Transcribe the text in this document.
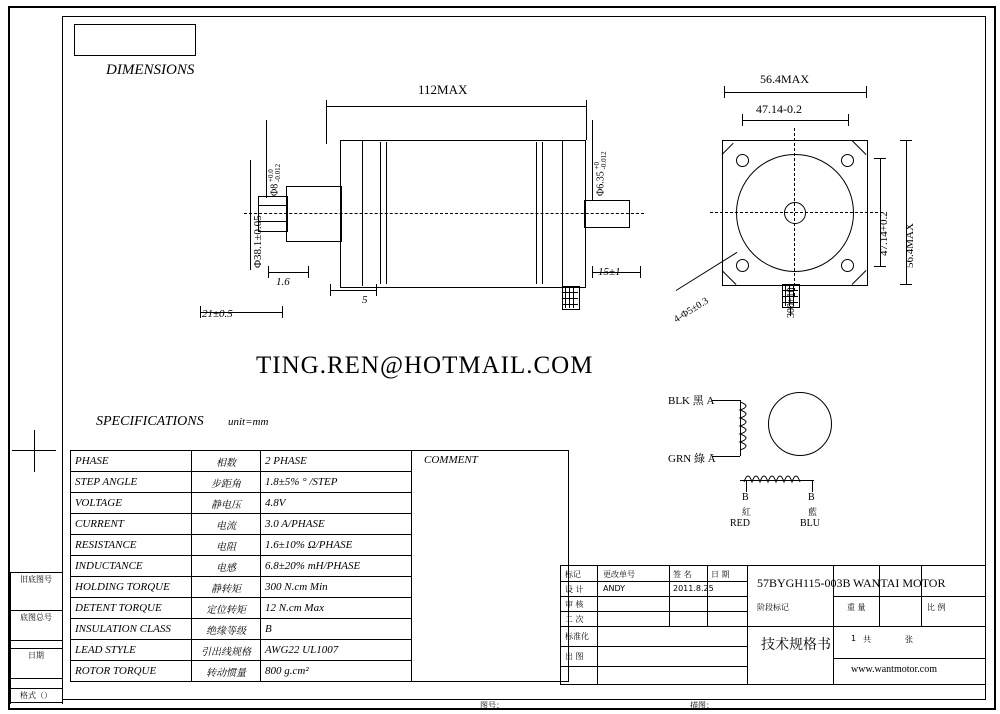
旧底图号
底图总号
日期
格式（）
DIMENSIONS
SPECIFICATIONS unit=mm
112MAX
Φ8 +0.0
-0.012
Φ38.1±0.05
Φ6.35 +0
-0.012
1.6
5
21±0.5
15±1
56.4MAX
47.14-0.2
47.14+0.2 56.4MAX
4-Φ5±0.3	300±10
TING.REN@HOTMAIL.COM
BLK 黑 A
GRN 綠 Ā
B	B
紅	藍
RED	BLU
PHASE	相数	2 PHASE	
STEP ANGLE	步距角	1.8±5% ° /STEP	
VOLTAGE	静电压	4.8V	
CURRENT	电流	3.0 A/PHASE	
RESISTANCE	电阻	1.6±10% Ω/PHASE	
INDUCTANCE	电感	6.8±20% mH/PHASE	
HOLDING TORQUE	静转矩	300 N.cm Min	
DETENT TORQUE	定位转矩	12 N.cm Max	
INSULATION CLASS	绝缘等级	B	
LEAD STYLE	引出线规格	AWG22 UL1007	
ROTOR TORQUE	转动惯量	800 g.cm²	
COMMENT
标记	更改单号	签 名 日 期
设 计 ANDY	2011.8.25
审 核
二 次
标准化
出 图
57BYGH115-003B WANTAI MOTOR
阶段标记	重 量	比 例
1 共	张
技术规格书
www.wantmotor.com
图号：	描图：
